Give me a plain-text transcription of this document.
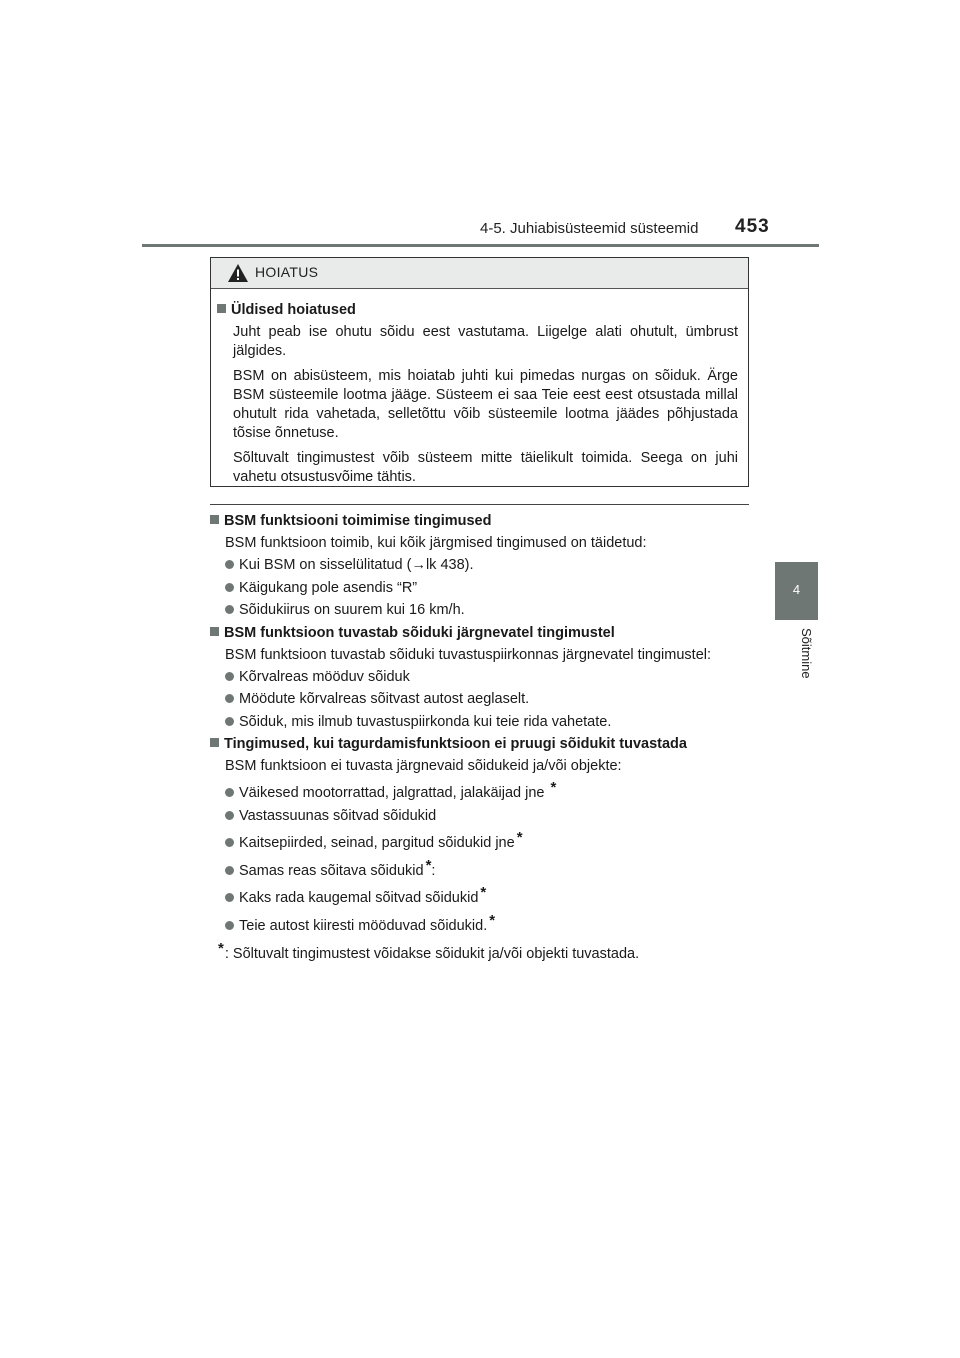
4-5. Juhiabisüsteemid süsteemid 453
4
Sõitmine
HOIATUS
Üldised hoiatused

Juht peab ise ohutu sõidu eest vastutama. Liigelge alati ohutult, ümbrust jälgides.

BSM on abisüsteem, mis hoiatab juhti kui pimedas nurgas on sõiduk. Ärge BSM süsteemile lootma jääge. Süsteem ei saa Teie eest eest otsustada millal ohutult rida vahetada, selletõttu võib süsteemile lootma jäädes põhjustada tõsise õnnetuse.

Sõltuvalt tingimustest võib süsteem mitte täielikult toimida. Seega on juhi vahetu otsustusvõime tähtis.

BSM funktsiooni toimimise tingimused
BSM funktsioon toimib, kui kõik järgmised tingimused on täidetud:
Kui BSM on sisselülitatud (→lk 438).
Käigukang pole asendis “R”
Sõidukiirus on suurem kui 16 km/h.
BSM funktsioon tuvastab sõiduki järgnevatel tingimustel
BSM funktsioon tuvastab sõiduki tuvastuspiirkonnas järgnevatel tingimustel:
Kõrvalreas mööduv sõiduk
Möödute kõrvalreas sõitvast autost aeglaselt.
Sõiduk, mis ilmub tuvastuspiirkonda kui teie rida vahetate.
Tingimused, kui tagurdamisfunktsioon ei pruugi sõidukit tuvastada
BSM funktsioon ei tuvasta järgnevaid sõidukeid ja/või objekte:
Väikesed mootorrattad, jalgrattad, jalakäijad jne *
Vastassuunas sõitvad sõidukid
Kaitsepiirded, seinad, pargitud sõidukid jne *
Samas reas sõitava sõidukid *:
Kaks rada kaugemal sõitvad sõidukid *
Teie autost kiiresti mööduvad sõidukid. *
*: Sõltuvalt tingimustest võidakse sõidukit ja/või objekti tuvastada.
